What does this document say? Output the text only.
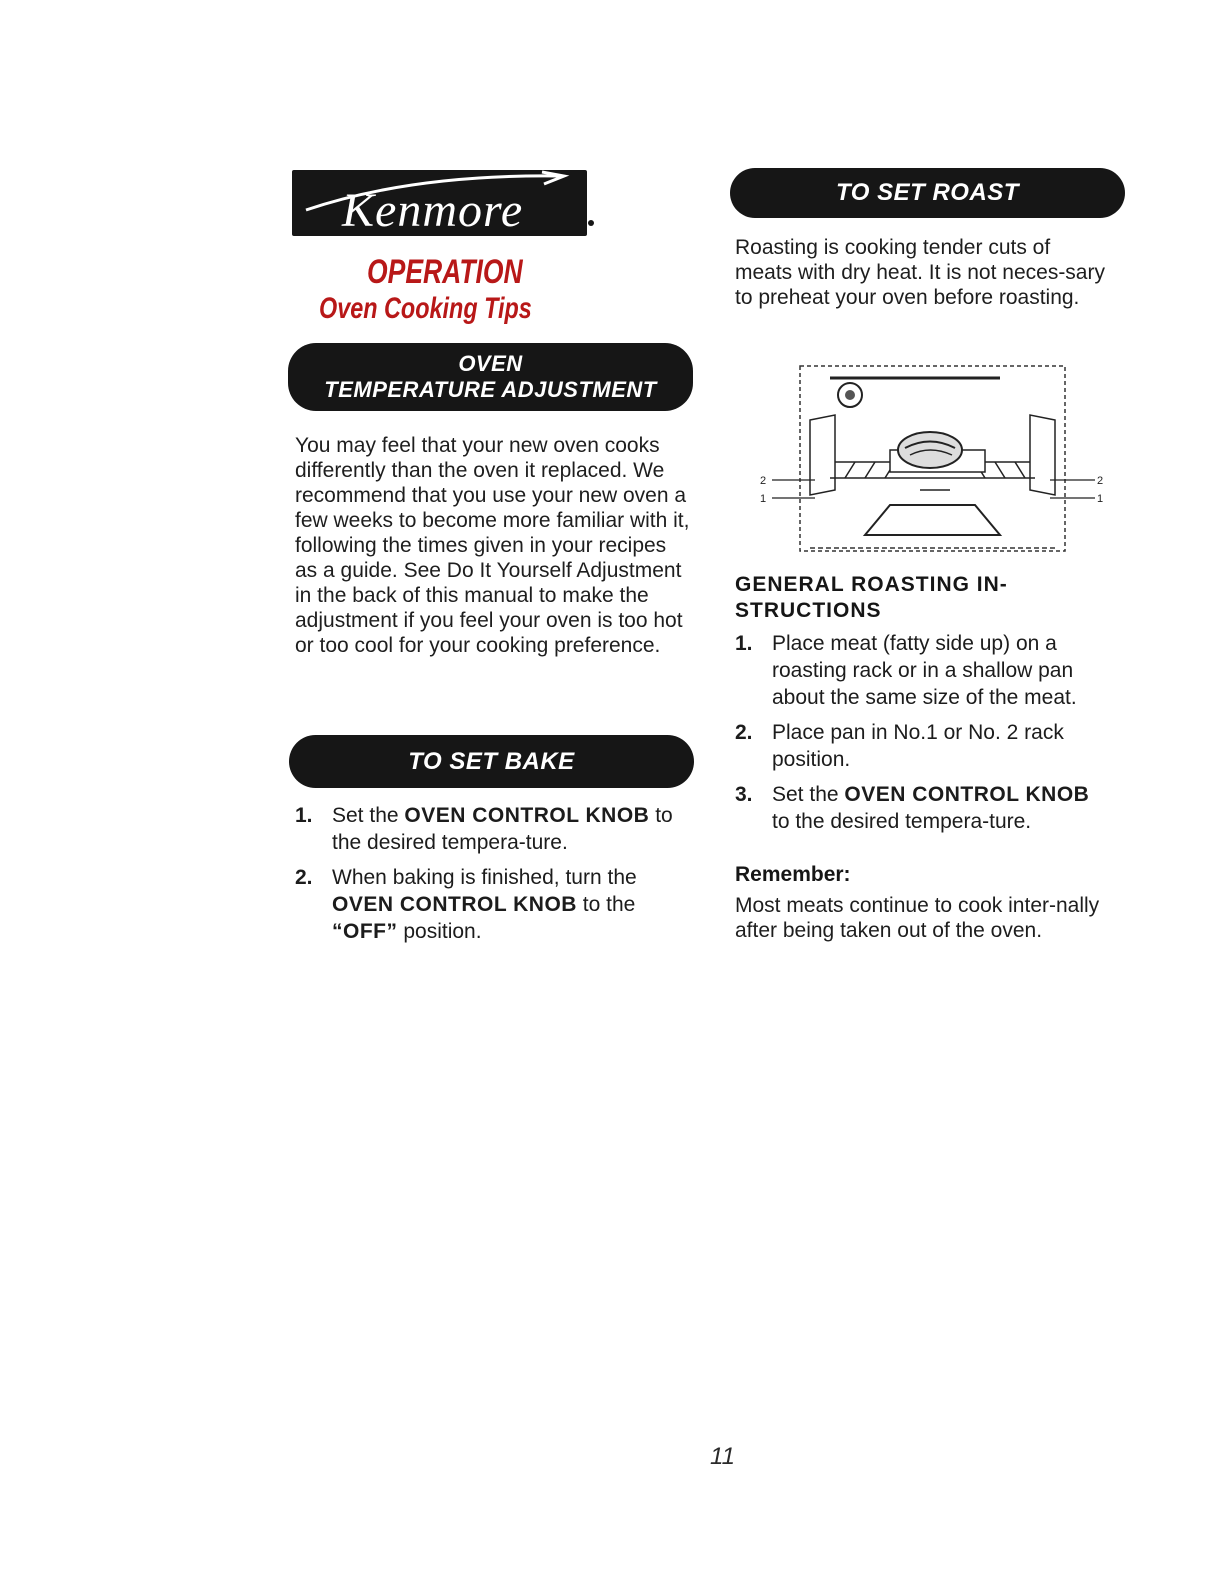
Kenmore
OPERATION
Oven Cooking Tips
OVEN
TEMPERATURE ADJUSTMENT
You may feel that your new oven cooks differently than the oven it replaced. We recommend that you use your new oven a few weeks to become more familiar with it, following the times given in your recipes as a guide. See Do It Yourself Adjustment in the back of this manual to make the adjustment if you feel your oven is too hot or too cool for your cooking preference.
TO SET BAKE
1. Set the OVEN CONTROL KNOB to the desired tempera-ture.
2. When baking is finished, turn the OVEN CONTROL KNOB to the “OFF” position.
TO SET ROAST
Roasting is cooking tender cuts of meats with dry heat. It is not neces-sary to preheat your oven before roasting.
2
1
2
1
GENERAL ROASTING IN-STRUCTIONS
1. Place meat (fatty side up) on a roasting rack or in a shallow pan about the same size of the meat.
2. Place pan in No.1 or No. 2 rack position.
3. Set the OVEN CONTROL KNOB to the desired tempera-ture.
Remember:
Most meats continue to cook inter-nally after being taken out of the oven.
11
